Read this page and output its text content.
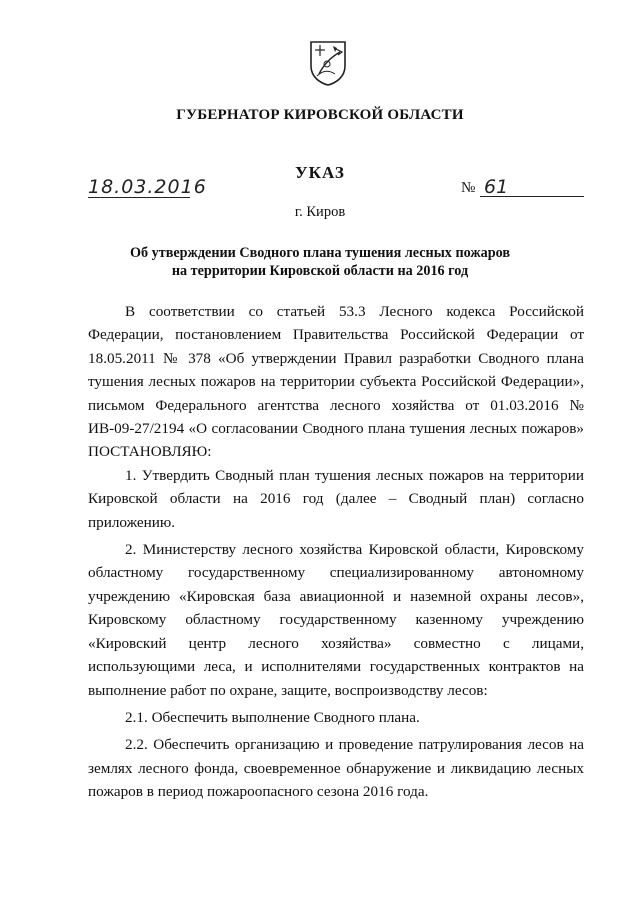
ГУБЕРНАТОР КИРОВСКОЙ ОБЛАСТИ
УКАЗ
18.03.2016	№ 61
г. Киров
Об утверждении Сводного плана тушения лесных пожаров
на территории Кировской области на 2016 год

В соответствии со статьей 53.3 Лесного кодекса Российской Федерации, постановлением Правительства Российской Федерации от 18.05.2011 № 378 «Об утверждении Правил разработки Сводного плана тушения лесных пожаров на территории субъекта Российской Федерации», письмом Федерального агентства лесного хозяйства от 01.03.2016 № ИВ-09-27/2194 «О согласовании Сводного плана тушения лесных пожаров» ПОСТАНОВЛЯЮ:

1. Утвердить Сводный план тушения лесных пожаров на территории Кировской области на 2016 год (далее – Сводный план) согласно приложению.

2. Министерству лесного хозяйства Кировской области, Кировскому областному государственному специализированному автономному учреждению «Кировская база авиационной и наземной охраны лесов», Кировскому областному государственному казенному учреждению «Кировский центр лесного хозяйства» совместно с лицами, использующими леса, и исполнителями государственных контрактов на выполнение работ по охране, защите, воспроизводству лесов:

2.1. Обеспечить выполнение Сводного плана.

2.2. Обеспечить организацию и проведение патрулирования лесов на землях лесного фонда, своевременное обнаружение и ликвидацию лесных пожаров в период пожароопасного сезона 2016 года.
